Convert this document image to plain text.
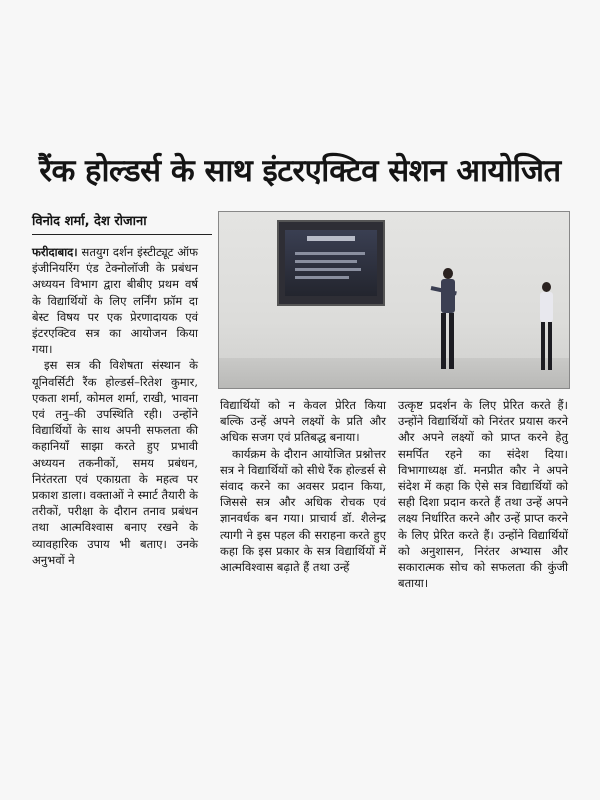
रैंक होल्डर्स के साथ इंटरएक्टिव सेशन आयोजित
विनोद शर्मा, देश रोजाना

फरीदाबाद। सतयुग दर्शन इंस्टीट्यूट ऑफ इंजीनियरिंग एंड टेक्नोलॉजी के प्रबंधन अध्ययन विभाग द्वारा बीबीए प्रथम वर्ष के विद्यार्थियों के लिए लर्निंग फ्रॉम दा बेस्ट विषय पर एक प्रेरणादायक एवं इंटरएक्टिव सत्र का आयोजन किया गया।

इस सत्र की विशेषता संस्थान के यूनिवर्सिटी रैंक होल्डर्स–रितेश कुमार, एकता शर्मा, कोमल शर्मा, राखी, भावना एवं तनु–की उपस्थिति रही। उन्होंने विद्यार्थियों के साथ अपनी सफलता की कहानियाँ साझा करते हुए प्रभावी अध्ययन तकनीकों, समय प्रबंधन, निरंतरता एवं एकाग्रता के महत्व पर प्रकाश डाला। वक्ताओं ने स्मार्ट तैयारी के तरीकों, परीक्षा के दौरान तनाव प्रबंधन तथा आत्मविश्वास बनाए रखने के व्यावहारिक उपाय भी बताए। उनके अनुभवों ने

विद्यार्थियों को न केवल प्रेरित किया बल्कि उन्हें अपने लक्ष्यों के प्रति और अधिक सजग एवं प्रतिबद्ध बनाया।

कार्यक्रम के दौरान आयोजित प्रश्नोत्तर सत्र ने विद्यार्थियों को सीधे रैंक होल्डर्स से संवाद करने का अवसर प्रदान किया, जिससे सत्र और अधिक रोचक एवं ज्ञानवर्धक बन गया। प्राचार्य डॉ. शैलेन्द्र त्यागी ने इस पहल की सराहना करते हुए कहा कि इस प्रकार के सत्र विद्यार्थियों में आत्मविश्वास बढ़ाते हैं तथा उन्हें

उत्कृष्ट प्रदर्शन के लिए प्रेरित करते हैं। उन्होंने विद्यार्थियों को निरंतर प्रयास करने और अपने लक्ष्यों को प्राप्त करने हेतु समर्पित रहने का संदेश दिया। विभागाध्यक्ष डॉ. मनप्रीत कौर ने अपने संदेश में कहा कि ऐसे सत्र विद्यार्थियों को सही दिशा प्रदान करते हैं तथा उन्हें अपने लक्ष्य निर्धारित करने और उन्हें प्राप्त करने के लिए प्रेरित करते हैं। उन्होंने विद्यार्थियों को अनुशासन, निरंतर अभ्यास और सकारात्मक सोच को सफलता की कुंजी बताया।
